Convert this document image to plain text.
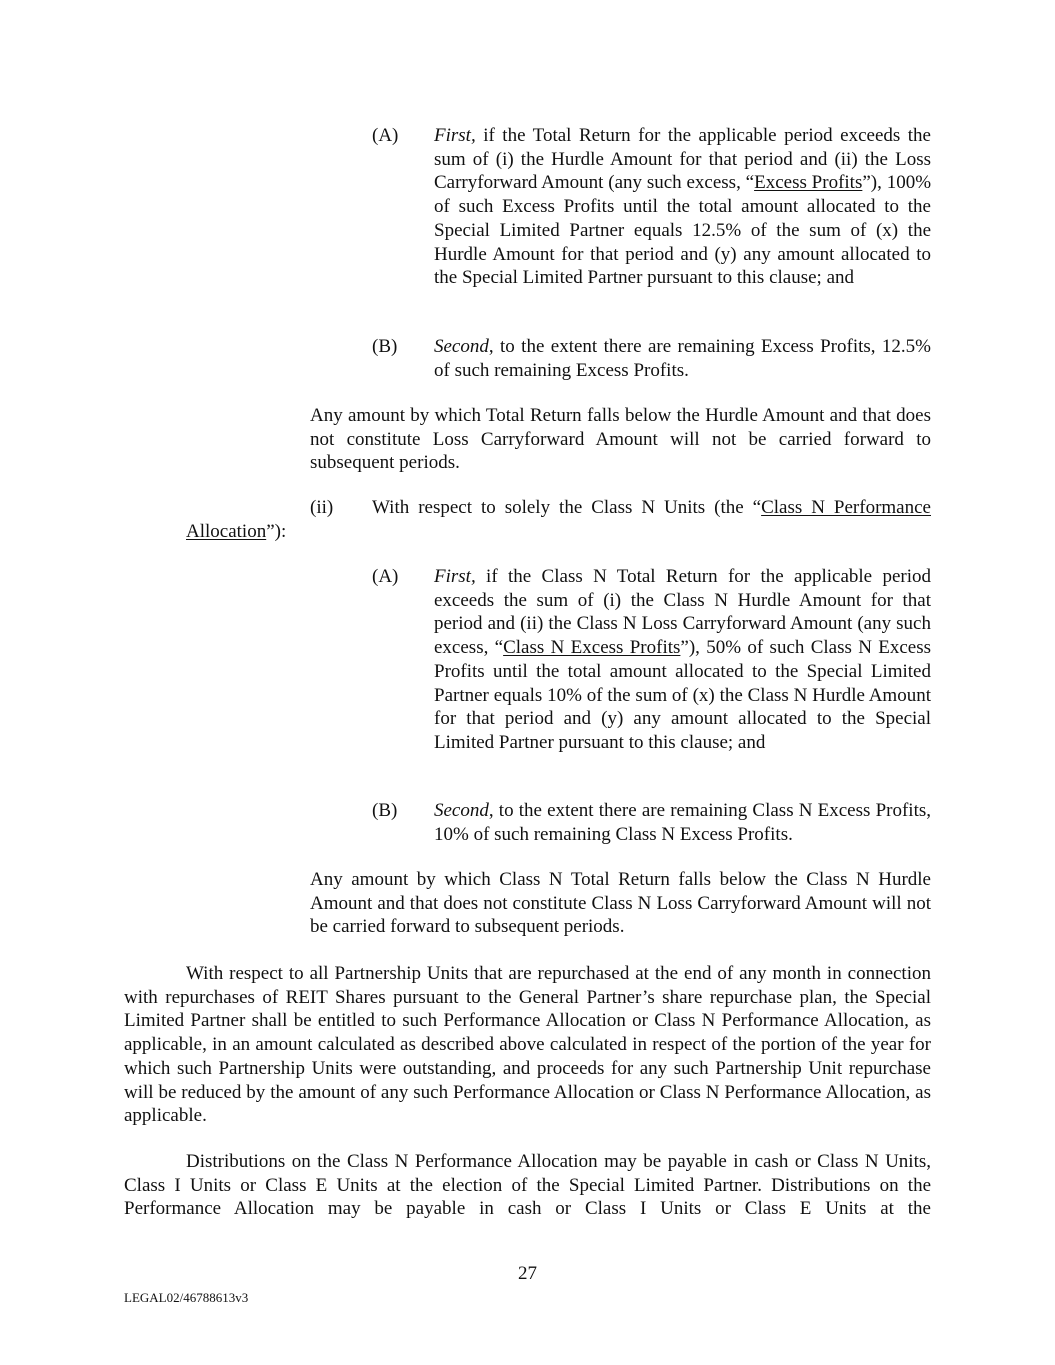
(A) First, if the Total Return for the applicable period exceeds the sum of (i) the Hurdle Amount for that period and (ii) the Loss Carryforward Amount (any such excess, “Excess Profits”), 100% of such Excess Profits until the total amount allocated to the Special Limited Partner equals 12.5% of the sum of (x) the Hurdle Amount for that period and (y) any amount allocated to the Special Limited Partner pursuant to this clause; and
(B) Second, to the extent there are remaining Excess Profits, 12.5% of such remaining Excess Profits.
Any amount by which Total Return falls below the Hurdle Amount and that does not constitute Loss Carryforward Amount will not be carried forward to subsequent periods.
(ii)	With respect to solely the Class N Units (the “Class N Performance Allocation”):
(A) First, if the Class N Total Return for the applicable period exceeds the sum of (i) the Class N Hurdle Amount for that period and (ii) the Class N Loss Carryforward Amount (any such excess, “Class N Excess Profits”), 50% of such Class N Excess Profits until the total amount allocated to the Special Limited Partner equals 10% of the sum of (x) the Class N Hurdle Amount for that period and (y) any amount allocated to the Special Limited Partner pursuant to this clause; and
(B) Second, to the extent there are remaining Class N Excess Profits, 10% of such remaining Class N Excess Profits.
Any amount by which Class N Total Return falls below the Class N Hurdle Amount and that does not constitute Class N Loss Carryforward Amount will not be carried forward to subsequent periods.
With respect to all Partnership Units that are repurchased at the end of any month in connection with repurchases of REIT Shares pursuant to the General Partner’s share repurchase plan, the Special Limited Partner shall be entitled to such Performance Allocation or Class N Performance Allocation, as applicable, in an amount calculated as described above calculated in respect of the portion of the year for which such Partnership Units were outstanding, and proceeds for any such Partnership Unit repurchase will be reduced by the amount of any such Performance Allocation or Class N Performance Allocation, as applicable.
Distributions on the Class N Performance Allocation may be payable in cash or Class N Units, Class I Units or Class E Units at the election of the Special Limited Partner. Distributions on the Performance Allocation may be payable in cash or Class I Units or Class E Units at the
27
LEGAL02/46788613v3
